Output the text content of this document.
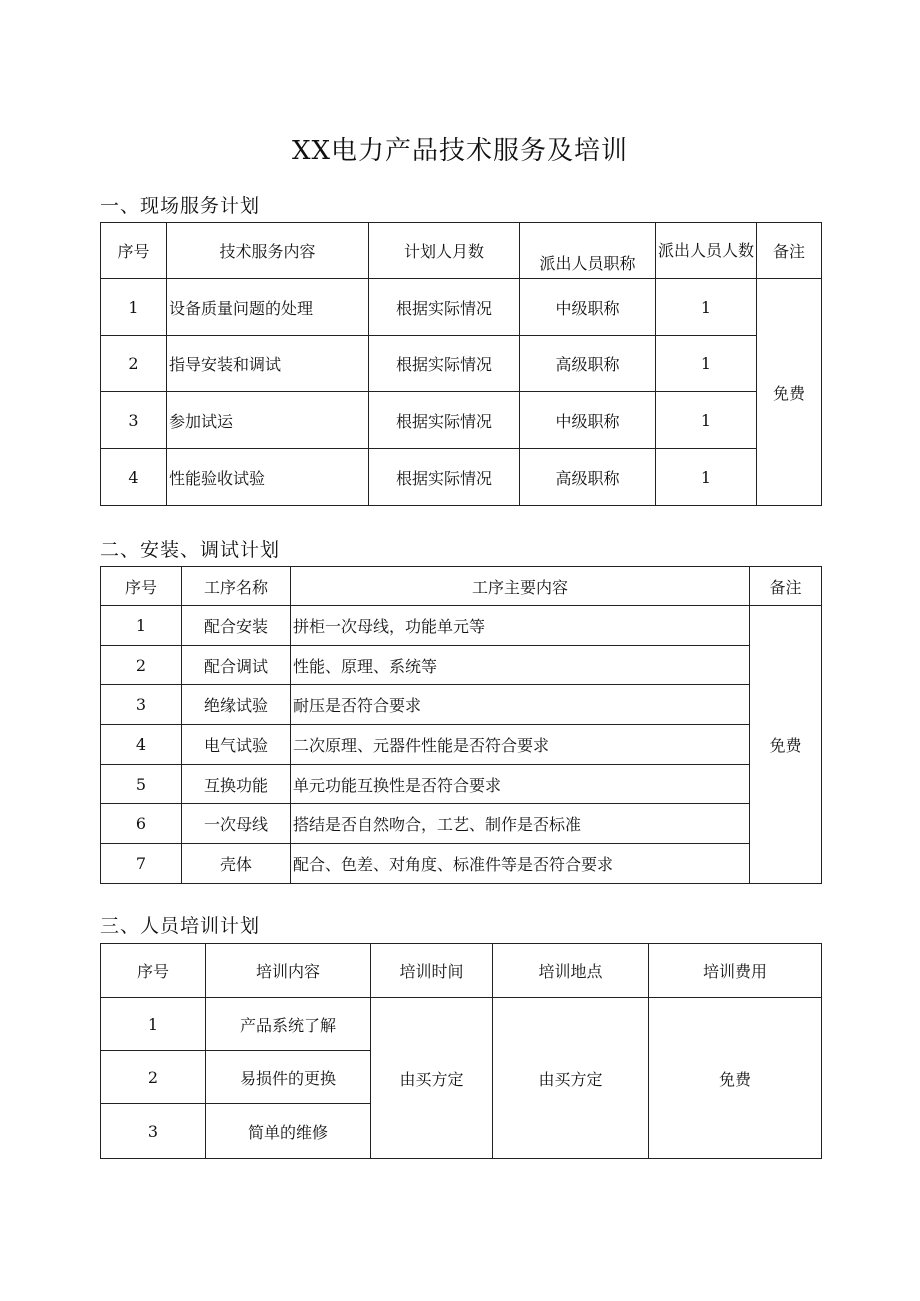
XX电力产品技术服务及培训
一、现场服务计划
序号	技术服务内容	计划人月数	派出人员职称	派出人员人数	备注
1	设备质量问题的处理	根据实际情况	中级职称	1	免费
2	指导安装和调试	根据实际情况	高级职称	1	
3	参加试运	根据实际情况	中级职称	1	
4	性能验收试验	根据实际情况	高级职称	1	
二、安装、调试计划
序号	工序名称	工序主要内容	备注
1	配合安装	拼柜一次母线，功能单元等	免费
2	配合调试	性能、原理、系统等	
3	绝缘试验	耐压是否符合要求	
4	电气试验	二次原理、元器件性能是否符合要求	
5	互换功能	单元功能互换性是否符合要求	
6	一次母线	搭结是否自然吻合，工艺、制作是否标准	
7	壳体	配合、色差、对角度、标准件等是否符合要求	
三、人员培训计划
序号	培训内容	培训时间	培训地点	培训费用
1	产品系统了解	由买方定	由买方定	免费
2	易损件的更换			
3	简单的维修			
